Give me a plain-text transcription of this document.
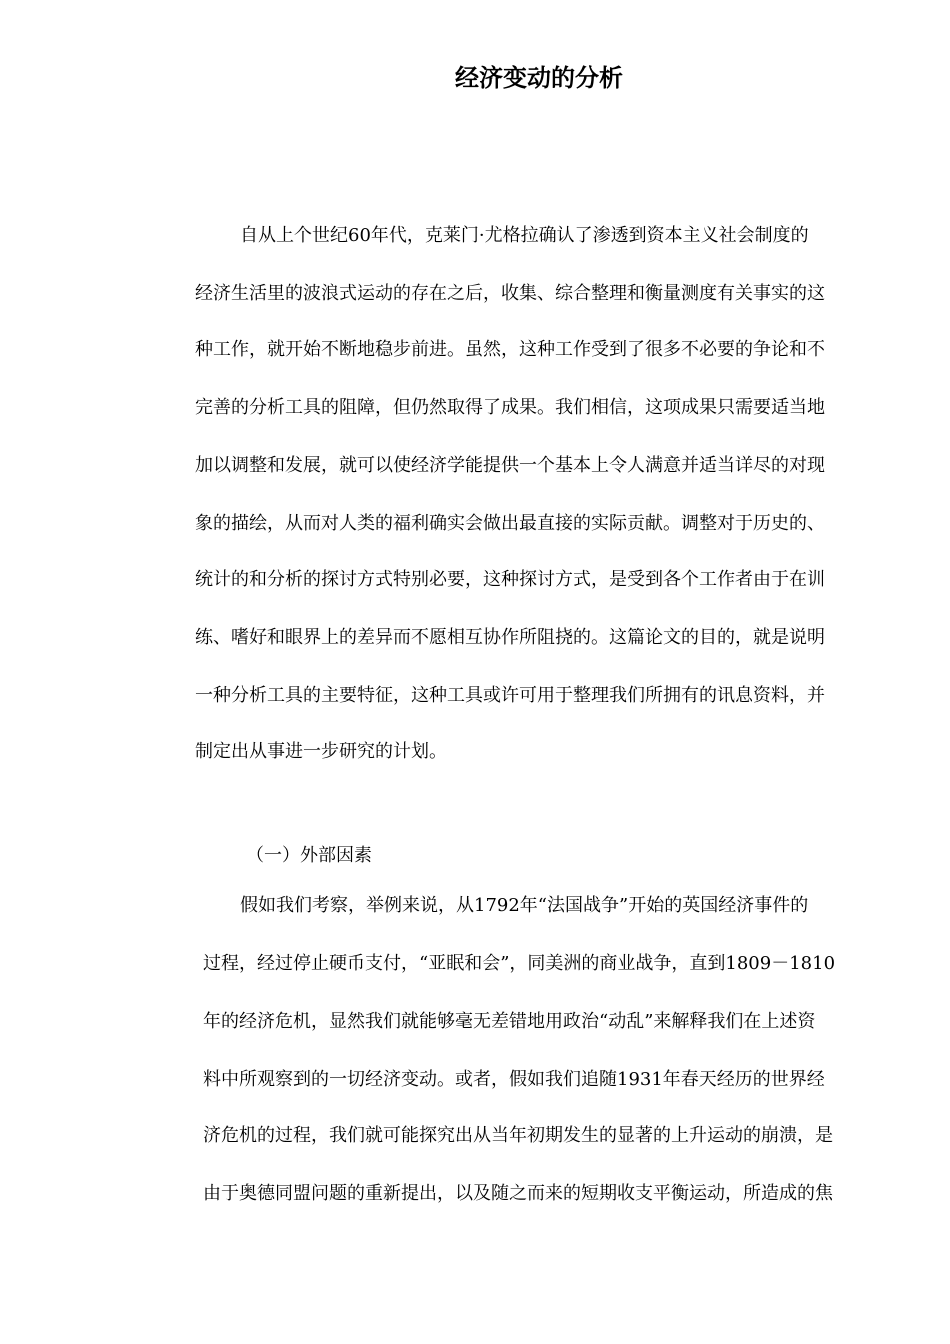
经济变动的分析

自从上个世纪60年代，克莱门·尤格拉确认了渗透到资本主义社会制度的

经济生活里的波浪式运动的存在之后，收集、综合整理和衡量测度有关事实的这

种工作，就开始不断地稳步前进。虽然，这种工作受到了很多不必要的争论和不

完善的分析工具的阻障，但仍然取得了成果。我们相信，这项成果只需要适当地

加以调整和发展，就可以使经济学能提供一个基本上令人满意并适当详尽的对现

象的描绘，从而对人类的福利确实会做出最直接的实际贡献。调整对于历史的、

统计的和分析的探讨方式特别必要，这种探讨方式，是受到各个工作者由于在训

练、嗜好和眼界上的差异而不愿相互协作所阻挠的。这篇论文的目的，就是说明

一种分析工具的主要特征，这种工具或许可用于整理我们所拥有的讯息资料，并

制定出从事进一步研究的计划。

（一）外部因素

假如我们考察，举例来说，从1792年“法国战争”开始的英国经济事件的

过程，经过停止硬币支付，“亚眠和会”，同美洲的商业战争，直到1809－1810

年的经济危机，显然我们就能够毫无差错地用政治“动乱”来解释我们在上述资

料中所观察到的一切经济变动。或者，假如我们追随1931年春天经历的世界经

济危机的过程，我们就可能探究出从当年初期发生的显著的上升运动的崩溃，是

由于奥德同盟问题的重新提出，以及随之而来的短期收支平衡运动，所造成的焦
